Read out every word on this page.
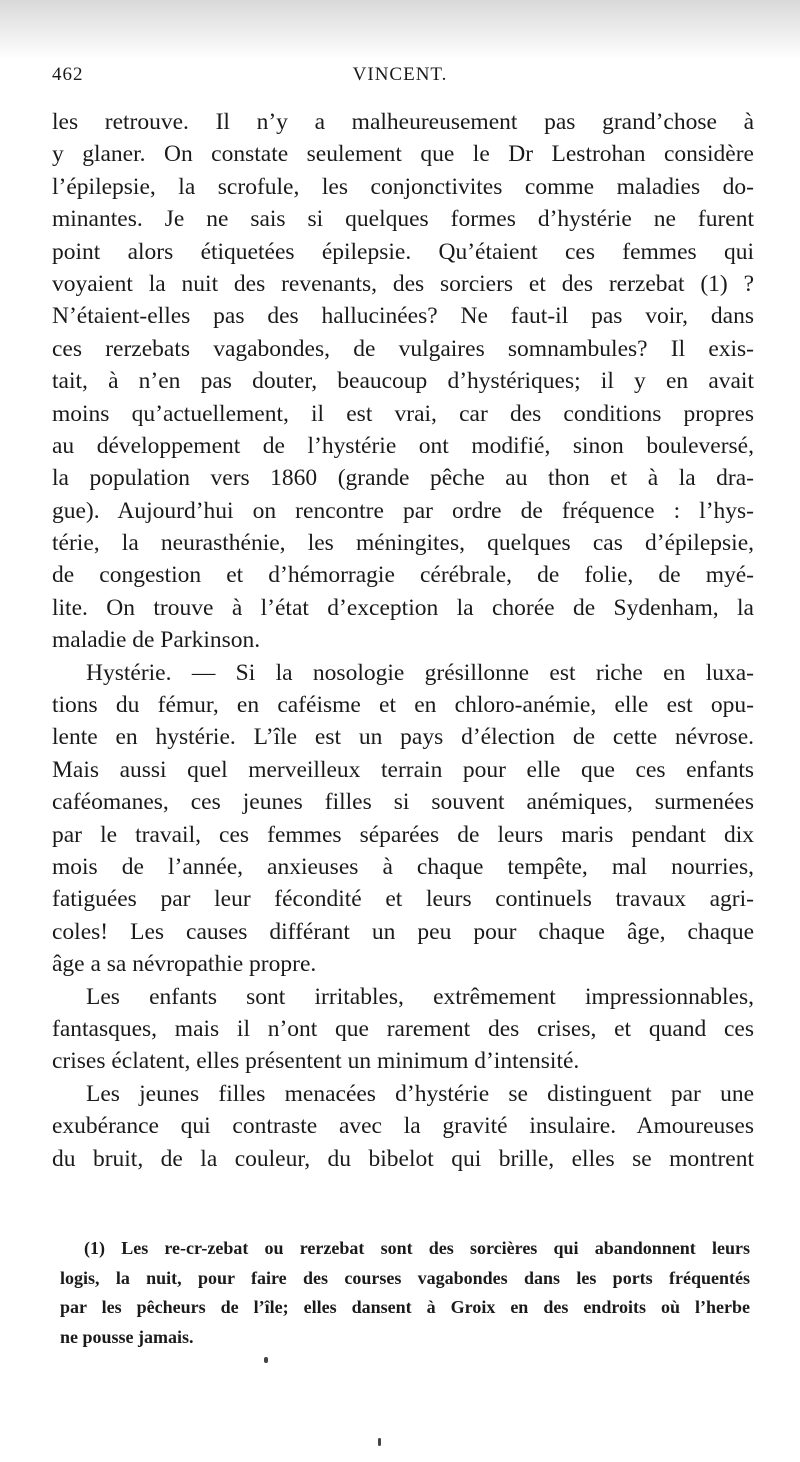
462	VINCENT.
les retrouve. Il n’y a malheureusement pas grand’chose à
y glaner. On constate seulement que le Dr Lestrohan considère
l’épilepsie, la scrofule, les conjonctivites comme maladies do-
minantes. Je ne sais si quelques formes d’hystérie ne furent
point alors étiquetées épilepsie. Qu’étaient ces femmes qui
voyaient la nuit des revenants, des sorciers et des rerzebat (1) ?
N’étaient-elles pas des hallucinées? Ne faut-il pas voir, dans
ces rerzebats vagabondes, de vulgaires somnambules? Il exis-
tait, à n’en pas douter, beaucoup d’hystériques; il y en avait
moins qu’actuellement, il est vrai, car des conditions propres
au développement de l’hystérie ont modifié, sinon bouleversé,
la population vers 1860 (grande pêche au thon et à la dra-
gue). Aujourd’hui on rencontre par ordre de fréquence : l’hys-
térie, la neurasthénie, les méningites, quelques cas d’épilepsie,
de congestion et d’hémorragie cérébrale, de folie, de myé-
lite. On trouve à l’état d’exception la chorée de Sydenham, la
maladie de Parkinson.
Hystérie. — Si la nosologie grésillonne est riche en luxa-
tions du fémur, en caféisme et en chloro-anémie, elle est opu-
lente en hystérie. L’île est un pays d’élection de cette névrose.
Mais aussi quel merveilleux terrain pour elle que ces enfants
caféomanes, ces jeunes filles si souvent anémiques, surmenées
par le travail, ces femmes séparées de leurs maris pendant dix
mois de l’année, anxieuses à chaque tempête, mal nourries,
fatiguées par leur fécondité et leurs continuels travaux agri-
coles! Les causes différant un peu pour chaque âge, chaque
âge a sa névropathie propre.
Les enfants sont irritables, extrêmement impressionnables,
fantasques, mais il n’ont que rarement des crises, et quand ces
crises éclatent, elles présentent un minimum d’intensité.
Les jeunes filles menacées d’hystérie se distinguent par une
exubérance qui contraste avec la gravité insulaire. Amoureuses
du bruit, de la couleur, du bibelot qui brille, elles se montrent
(1) Les re-cr-zebat ou rerzebat sont des sorcières qui abandonnent leurs
logis, la nuit, pour faire des courses vagabondes dans les ports fréquentés
par les pêcheurs de l’île; elles dansent à Groix en des endroits où l’herbe
ne pousse jamais.
